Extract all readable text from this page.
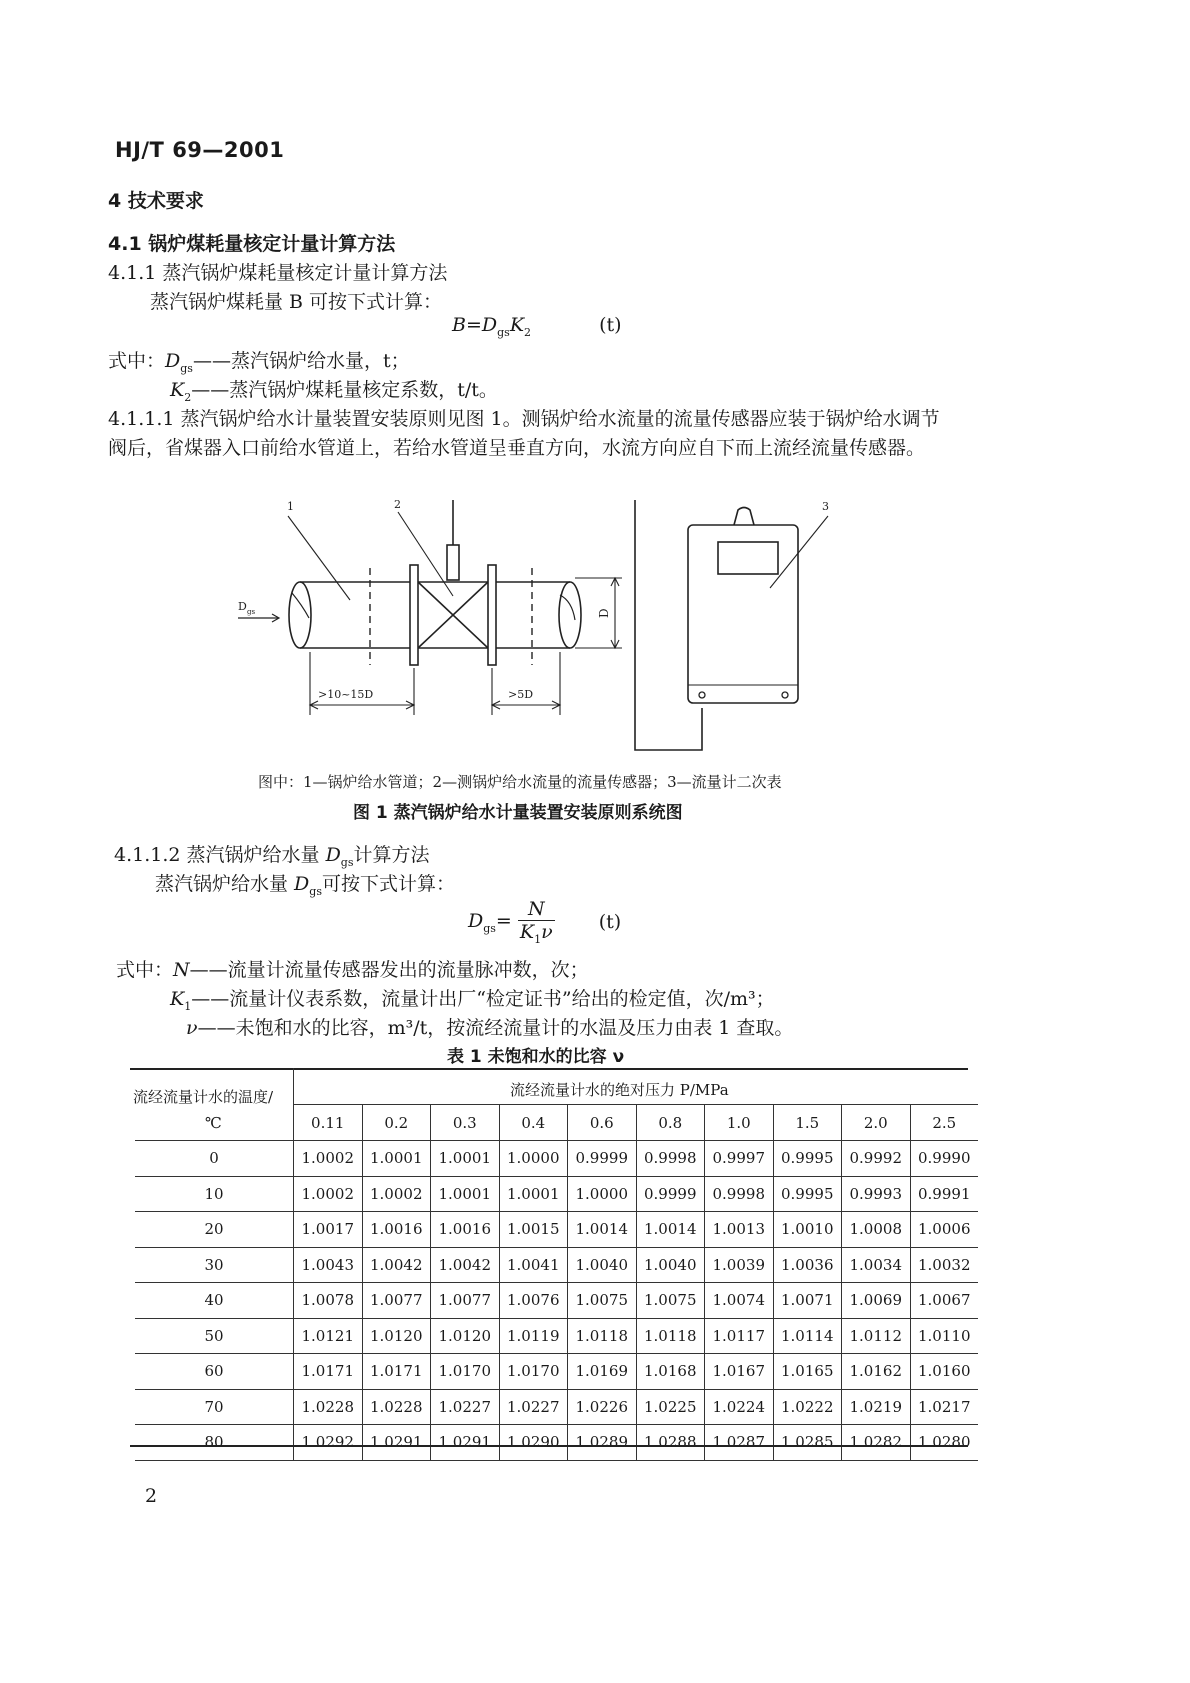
HJ/T 69—2001
4 技术要求
4.1 锅炉煤耗量核定计量计算方法
4.1.1 蒸汽锅炉煤耗量核定计量计算方法
蒸汽锅炉煤耗量 B 可按下式计算：
$B=D_{gs}K_2$	(t)
式中：$D_{gs}——$蒸汽锅炉给水量，t；
$K_2——$蒸汽锅炉煤耗量核定系数，t/t。
4.1.1.1 蒸汽锅炉给水计量装置安装原则见图 1。测锅炉给水流量的流量传感器应装于锅炉给水调节
阀后，省煤器入口前给水管道上，若给水管道呈垂直方向，水流方向应自下而上流经流量传感器。
D gs	D
>10~15D	>5D
1	2	3
图中：1—锅炉给水管道；2—测锅炉给水流量的流量传感器；3—流量计二次表
图 1 蒸汽锅炉给水计量装置安装原则系统图
4.1.1.2 蒸汽锅炉给水量 $D_{gs}$计算方法
蒸汽锅炉给水量 $D_{gs}$可按下式计算：
$D_{gs}= \frac{N}{K_1\nu} (t)$
式中：N——流量计流量传感器发出的流量脉冲数，次；
$K_1——$流量计仪表系数，流量计出厂“检定证书”给出的检定值，次/m³；
ν——未饱和水的比容，m³/t，按流经流量计的水温及压力由表 1 查取。
表 1 未饱和水的比容 ν
流经流量计水的温度/
℃
流经流量计水的绝对压力 P/MPa
	0.11	0.2	0.3	0.4	0.6	0.8	1.0	1.5	2.0	2.5
0	1.0002	1.0001	1.0001	1.0000	0.9999	0.9998	0.9997	0.9995	0.9992	0.9990
10	1.0002	1.0002	1.0001	1.0001	1.0000	0.9999	0.9998	0.9995	0.9993	0.9991
20	1.0017	1.0016	1.0016	1.0015	1.0014	1.0014	1.0013	1.0010	1.0008	1.0006
30	1.0043	1.0042	1.0042	1.0041	1.0040	1.0040	1.0039	1.0036	1.0034	1.0032
40	1.0078	1.0077	1.0077	1.0076	1.0075	1.0075	1.0074	1.0071	1.0069	1.0067
50	1.0121	1.0120	1.0120	1.0119	1.0118	1.0118	1.0117	1.0114	1.0112	1.0110
60	1.0171	1.0171	1.0170	1.0170	1.0169	1.0168	1.0167	1.0165	1.0162	1.0160
70	1.0228	1.0228	1.0227	1.0227	1.0226	1.0225	1.0224	1.0222	1.0219	1.0217
80	1.0292	1.0291	1.0291	1.0290	1.0289	1.0288	1.0287	1.0285	1.0282	1.0280
2
